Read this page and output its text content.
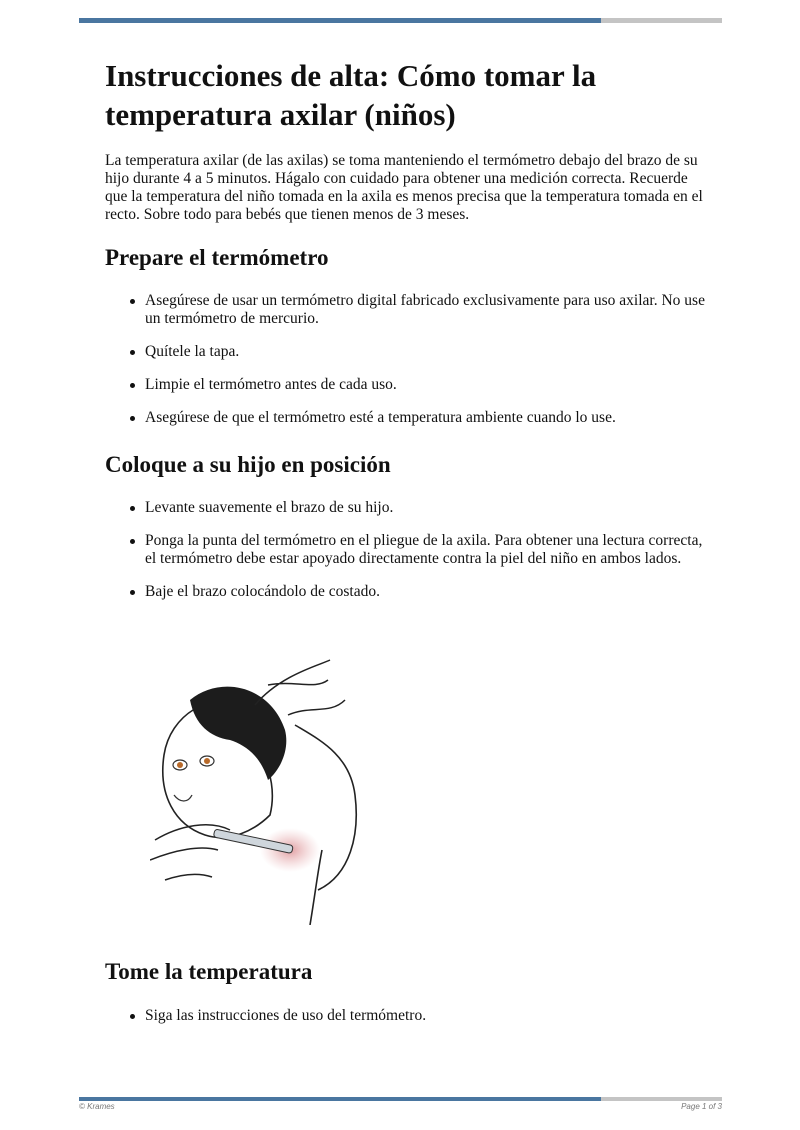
Instrucciones de alta: Cómo tomar la temperatura axilar (niños)

La temperatura axilar (de las axilas) se toma manteniendo el termómetro debajo del brazo de su hijo durante 4 a 5 minutos. Hágalo con cuidado para obtener una medición correcta. Recuerde que la temperatura del niño tomada en la axila es menos precisa que la temperatura tomada en el recto. Sobre todo para bebés que tienen menos de 3 meses.

Prepare el termómetro
Asegúrese de usar un termómetro digital fabricado exclusivamente para uso axilar. No use un termómetro de mercurio.
Quítele la tapa.
Limpie el termómetro antes de cada uso.
Asegúrese de que el termómetro esté a temperatura ambiente cuando lo use.
Coloque a su hijo en posición
Levante suavemente el brazo de su hijo.
Ponga la punta del termómetro en el pliegue de la axila. Para obtener una lectura correcta, el termómetro debe estar apoyado directamente contra la piel del niño en ambos lados.
Baje el brazo colocándolo de costado.
Tome la temperatura
Siga las instrucciones de uso del termómetro.
© Krames	Page 1 of 3
